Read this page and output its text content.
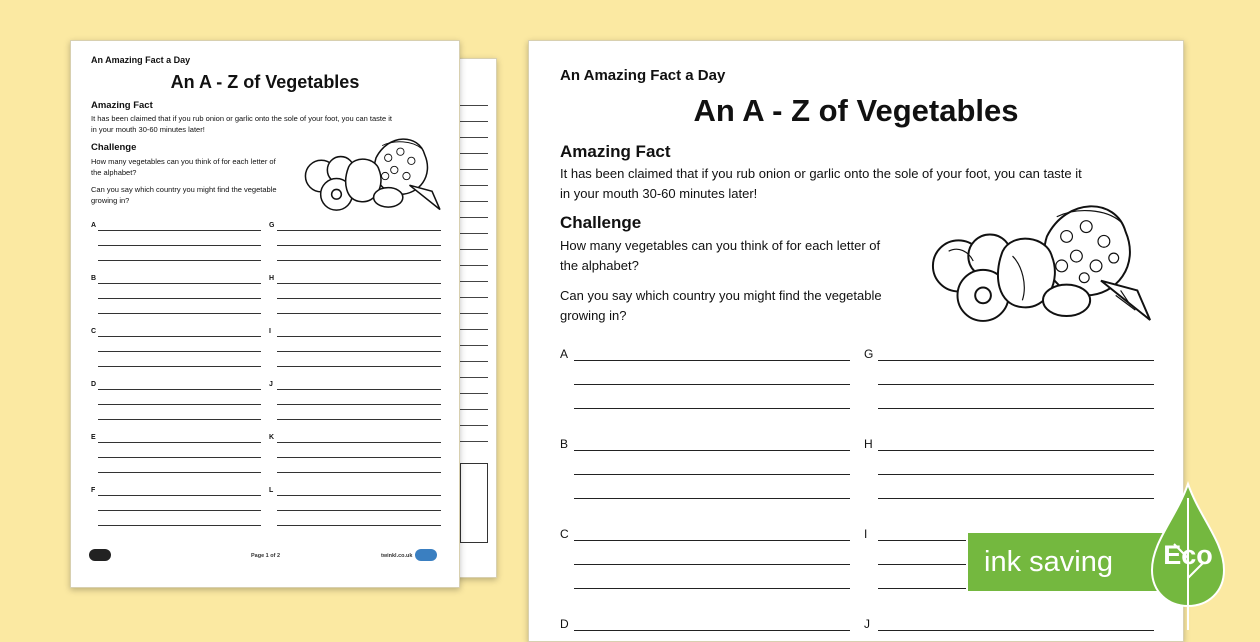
An Amazing Fact a Day
An A - Z of Vegetables
Amazing Fact
It has been claimed that if you rub onion or garlic onto the sole of your foot, you can taste it
in your mouth 30-60 minutes later!
Challenge
How many vegetables can you think of for each letter of
the alphabet?
Can you say which country you might find the vegetable
growing in?
A
B
C
D
E
F
G
H
I
J
K
L
Page 1 of 2	twinkl.co.uk
An Amazing Fact a Day
An A - Z of Vegetables
Amazing Fact
It has been claimed that if you rub onion or garlic onto the sole of your foot, you can taste it
in your mouth 30-60 minutes later!
Challenge
How many vegetables can you think of for each letter of
the alphabet?
Can you say which country you might find the vegetable
growing in?
A
B
C
D
G
H
I
J
ink saving	Eco
